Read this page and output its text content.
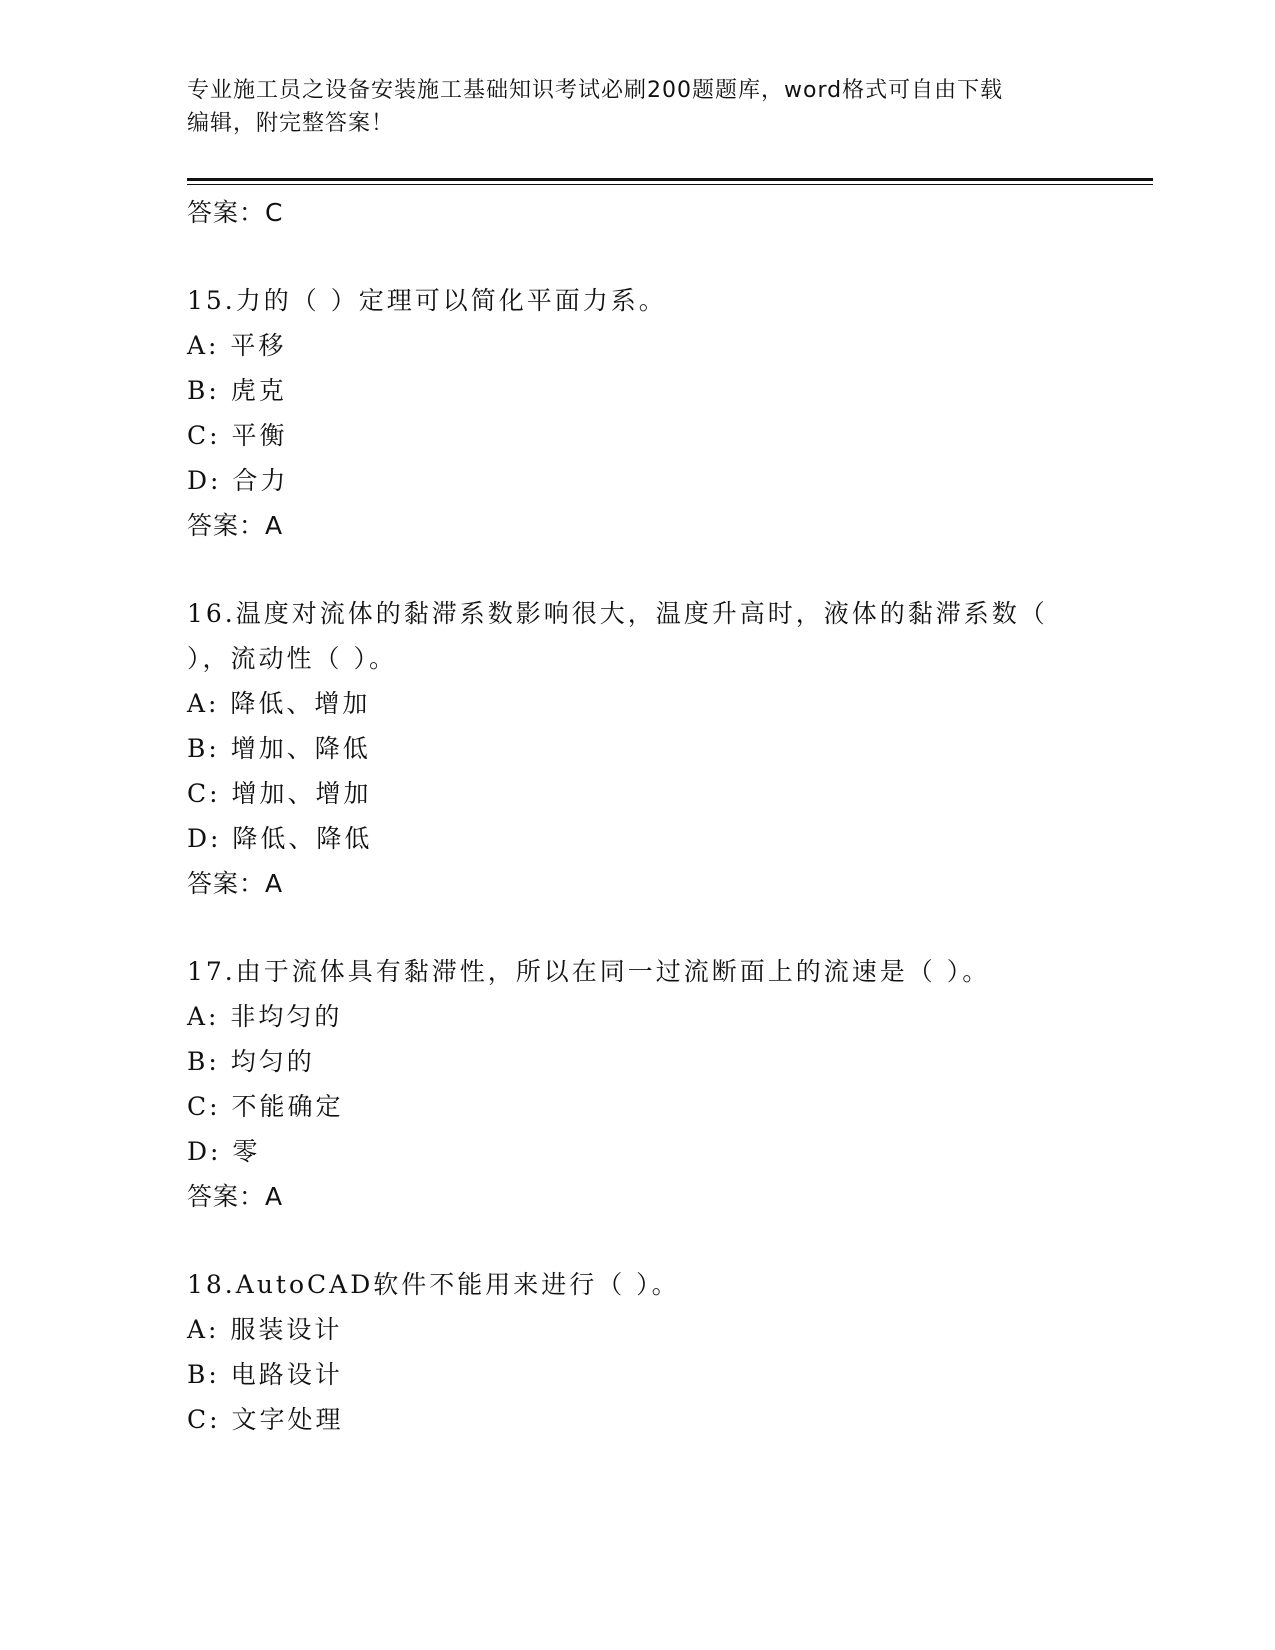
专业施工员之设备安装施工基础知识考试必刷200题题库，word格式可自由下载
编辑，附完整答案！
答案：C
15.力的（ ）定理可以简化平面力系。
A: 平移
B: 虎克
C: 平衡
D: 合力
答案：A
16.温度对流体的黏滞系数影响很大，温度升高时，液体的黏滞系数（
），流动性（ ）。
A: 降低、增加
B: 增加、降低
C: 增加、增加
D: 降低、降低
答案：A
17.由于流体具有黏滞性，所以在同一过流断面上的流速是（ ）。
A: 非均匀的
B: 均匀的
C: 不能确定
D: 零
答案：A
18.AutoCAD软件不能用来进行（ ）。
A: 服装设计
B: 电路设计
C: 文字处理
